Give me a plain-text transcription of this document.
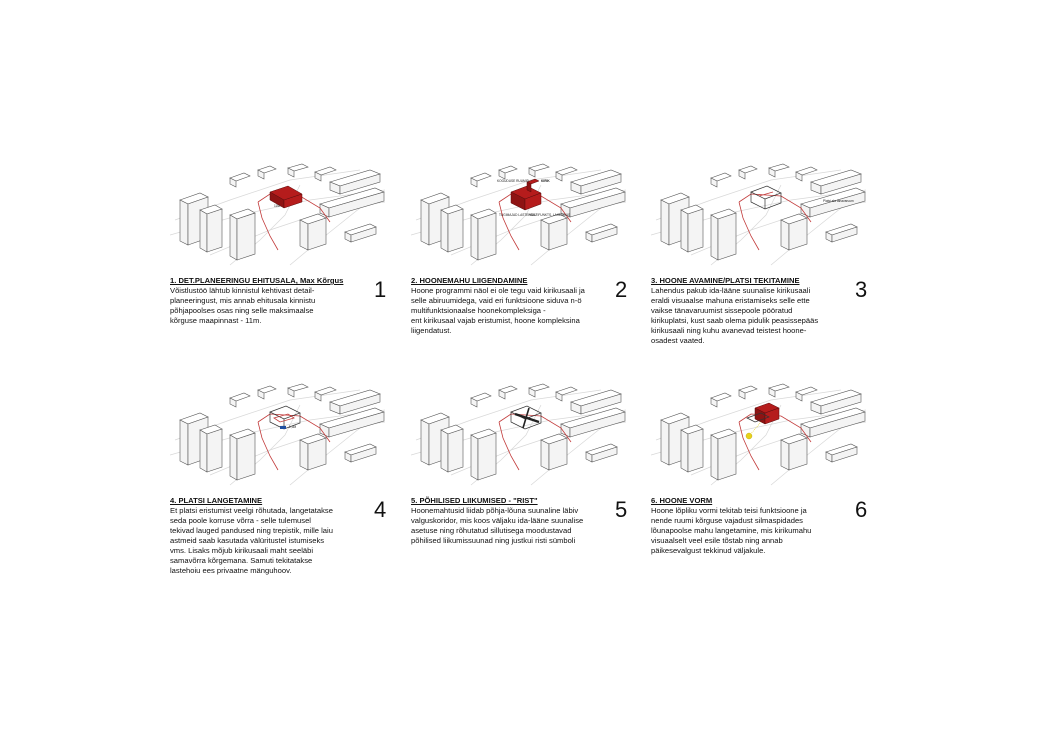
11M
1. DET.PLANEERINGU EHITUSALA, Max Kõrgus
Võistlustöö lähtub kinnistul kehtivast detail-
planeeringust, mis annab ehitusala kinnistu
põhjapoolses osas ning selle maksimaalse
kõrguse maapinnast - 11m.
1
KIRIK
KOGUDUSE RUUMID
TUGIMAJAD LASTEHOIU
MULTIFUNKTS. LAHENDUS
2. HOONEMAHU LIIGENDAMINE
Hoone programmi näol ei ole tegu vaid kirikusaali ja
selle abiruumidega, vaid eri funktsioone siduva n-ö
multifunktsionaalse hoonekompleksiga -
ent kirikusaal vajab eristumist, hoone kompleksina
liigendatust.
2
Platsi ala tänavaruum
3. HOONE AVAMINE/PLATSI TEKITAMINE
Lahendus pakub ida-lääne suunalise kirikusaali
eraldi visuaalse mahuna eristamiseks selle ette
vaikse tänavaruumist sissepoole pööratud
kirikuplatsi, kust saab olema pidulik peasissepääs
kirikusaali ning kuhu avanevad teistest hoone-
osadest vaated.
3
-1,5M
4. PLATSI LANGETAMINE
Et platsi eristumist veelgi rõhutada, langetatakse
seda poole korruse võrra - selle tulemusel
tekivad lauged pandused ning trepistik, mille laiu
astmeid saab kasutada välüritustel istumiseks
vms. Lisaks mõjub kirikusaali maht seeläbi
samavõrra kõrgemana. Samuti tekitatakse
lastehoiu ees privaatne mänguhoov.
4	5. PÕHILISED LIIKUMISED - "RIST"
Hoonemahtusid liidab põhja-lõuna suunaline läbiv
valguskoridor, mis koos väljaku ida-lääne suunalise
asetuse ning rõhutatud sillutisega moodustavad
põhilised liikumissuunad ning justkui risti sümboli
5	6. HOONE VORM
Hoone lõpliku vormi tekitab teisi funktsioone ja
nende ruumi kõrguse vajadust silmaspidades
lõunapoolse mahu langetamine, mis kirikumahu
visuaalselt veel esile tõstab ning annab
päikesevalgust tekkinud väljakule.
6
